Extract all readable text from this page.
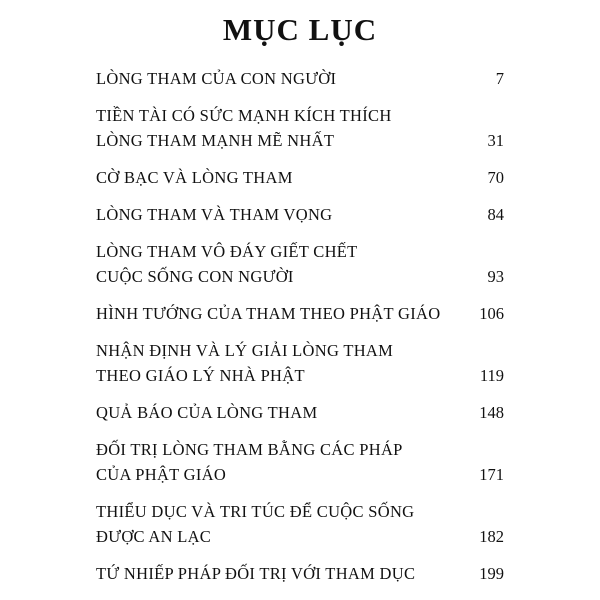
MỤC LỤC
LÒNG THAM CỦA CON NGƯỜI	7
TIỀN TÀI CÓ SỨC MẠNH KÍCH THÍCH
LÒNG THAM MẠNH MẼ NHẤT	31
CỜ BẠC VÀ LÒNG THAM	70
LÒNG THAM VÀ THAM VỌNG	84
LÒNG THAM VÔ ĐÁY GIẾT CHẾT
CUỘC SỐNG CON NGƯỜI	93
HÌNH TƯỚNG CỦA THAM THEO PHẬT GIÁO	106
NHẬN ĐỊNH VÀ LÝ GIẢI LÒNG THAM
THEO GIÁO LÝ NHÀ PHẬT	119
QUẢ BÁO CỦA LÒNG THAM	148
ĐỐI TRỊ LÒNG THAM BẰNG CÁC PHÁP
CỦA PHẬT GIÁO	171
THIỂU DỤC VÀ TRI TÚC ĐỂ CUỘC SỐNG
ĐƯỢC AN LẠC	182
TỨ NHIẾP PHÁP ĐỐI TRỊ VỚI THAM DỤC	199
